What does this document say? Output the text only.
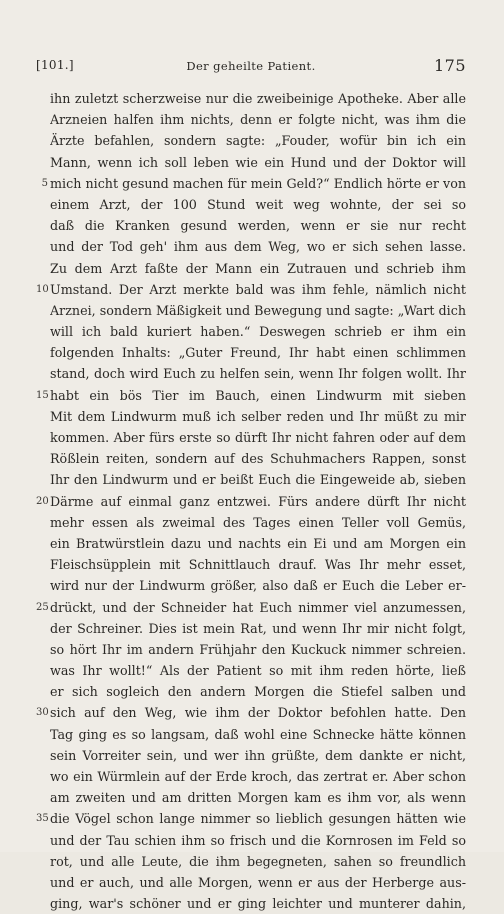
[101.]	Der geheilte Patient.	175
ihn zuletzt scherzweise nur die zweibeinige Apotheke. Aber alle
Arzneien halfen ihm nichts, denn er folgte nicht, was ihm die
Ärzte befahlen, sondern sagte: „Fouder, wofür bin ich ein
Mann, wenn ich soll leben wie ein Hund und der Doktor will
5 mich nicht gesund machen für mein Geld?“ Endlich hörte er von
einem Arzt, der 100 Stund weit weg wohnte, der sei so
daß die Kranken gesund werden, wenn er sie nur recht
und der Tod geh' ihm aus dem Weg, wo er sich sehen lasse.
Zu dem Arzt faßte der Mann ein Zutrauen und schrieb ihm
10 Umstand. Der Arzt merkte bald was ihm fehle, nämlich nicht
Arznei, sondern Mäßigkeit und Bewegung und sagte: „Wart dich
will ich bald kuriert haben.“ Deswegen schrieb er ihm ein
folgenden Inhalts: „Guter Freund, Ihr habt einen schlimmen
stand, doch wird Euch zu helfen sein, wenn Ihr folgen wollt. Ihr
15 habt ein bös Tier im Bauch, einen Lindwurm mit sieben
Mit dem Lindwurm muß ich selber reden und Ihr müßt zu mir
kommen. Aber fürs erste so dürft Ihr nicht fahren oder auf dem
Rößlein reiten, sondern auf des Schuhmachers Rappen, sonst
Ihr den Lindwurm und er beißt Euch die Eingeweide ab, sieben
20 Därme auf einmal ganz entzwei. Fürs andere dürft Ihr nicht
mehr essen als zweimal des Tages einen Teller voll Gemüs,
ein Bratwürstlein dazu und nachts ein Ei und am Morgen ein
Fleischsüpplein mit Schnittlauch drauf. Was Ihr mehr esset,
wird nur der Lindwurm größer, also daß er Euch die Leber er-
25 drückt, und der Schneider hat Euch nimmer viel anzumessen,
der Schreiner. Dies ist mein Rat, und wenn Ihr mir nicht folgt,
so hört Ihr im andern Frühjahr den Kuckuck nimmer schreien.
was Ihr wollt!“ Als der Patient so mit ihm reden hörte, ließ
er sich sogleich den andern Morgen die Stiefel salben und
30 sich auf den Weg, wie ihm der Doktor befohlen hatte. Den
Tag ging es so langsam, daß wohl eine Schnecke hätte können
sein Vorreiter sein, und wer ihn grüßte, dem dankte er nicht,
wo ein Würmlein auf der Erde kroch, das zertrat er. Aber schon
am zweiten und am dritten Morgen kam es ihm vor, als wenn
35 die Vögel schon lange nimmer so lieblich gesungen hätten wie
und der Tau schien ihm so frisch und die Kornrosen im Feld so
rot, und alle Leute, die ihm begegneten, sahen so freundlich
und er auch, und alle Morgen, wenn er aus der Herberge aus-
ging, war's schöner und er ging leichter und munterer dahin,
